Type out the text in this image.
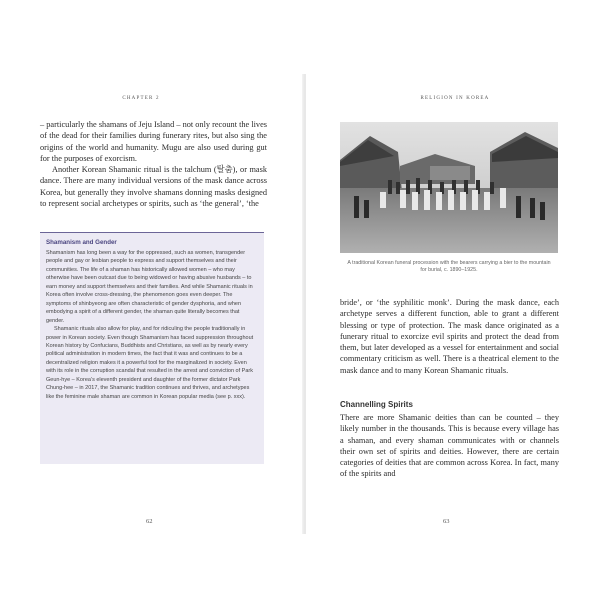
CHAPTER 2	RELIGION IN KOREA

– particularly the shamans of Jeju Island – not only recount the lives of the dead for their families during funerary rites, but also sing the origins of the world and humanity. Mugu are also used during gut for the purposes of exorcism.

Another Korean Shamanic ritual is the talchum (탈춤), or mask dance. There are many individual versions of the mask dance across Korea, but generally they involve shamans donning masks designed to represent social archetypes or spirits, such as ‘the general’, ‘the

Shamanism and Gender

Shamanism has long been a way for the oppressed, such as women, transgender people and gay or lesbian people to express and support themselves and their communities. The life of a shaman has historically allowed women – who may otherwise have been outcast due to being widowed or having abusive husbands – to earn money and support themselves and their families. And while Shamanic rituals in Korea often involve cross-dressing, the phenomenon goes even deeper. The symptoms of shinbyeong are often characteristic of gender dysphoria, and when embodying a spirit of a different gender, the shaman quite literally becomes that gender.

Shamanic rituals also allow for play, and for ridiculing the people traditionally in power in Korean society. Even though Shamanism has faced suppression throughout Korean history by Confucians, Buddhists and Christians, as well as by nearly every political administration in modern times, the fact that it was and continues to be a decentralized religion makes it a powerful tool for the marginalized in society. Even with its role in the corruption scandal that resulted in the arrest and conviction of Park Geun-hye – Korea’s eleventh president and daughter of the former dictator Park Chung-hee – in 2017, the Shamanic tradition continues and thrives, and archetypes like the feminine male shaman are common in Korean popular media (see p. xxx).

62
A traditional Korean funeral procession with the bearers carrying a bier to the mountain for burial, c. 1890–1925.

bride’, or ‘the syphilitic monk’. During the mask dance, each archetype serves a different function, able to grant a different blessing or type of protection. The mask dance originated as a funerary ritual to exorcize evil spirits and protect the dead from them, but later developed as a vessel for entertainment and social commentary criticism as well. There is a theatrical element to the mask dance and to many Korean Shamanic rituals.

Channelling Spirits

There are more Shamanic deities than can be counted – they likely number in the thousands. This is because every village has a shaman, and every shaman communicates with or channels their own set of spirits and deities. However, there are certain categories of deities that are common across Korea. In fact, many of the spirits and

63
